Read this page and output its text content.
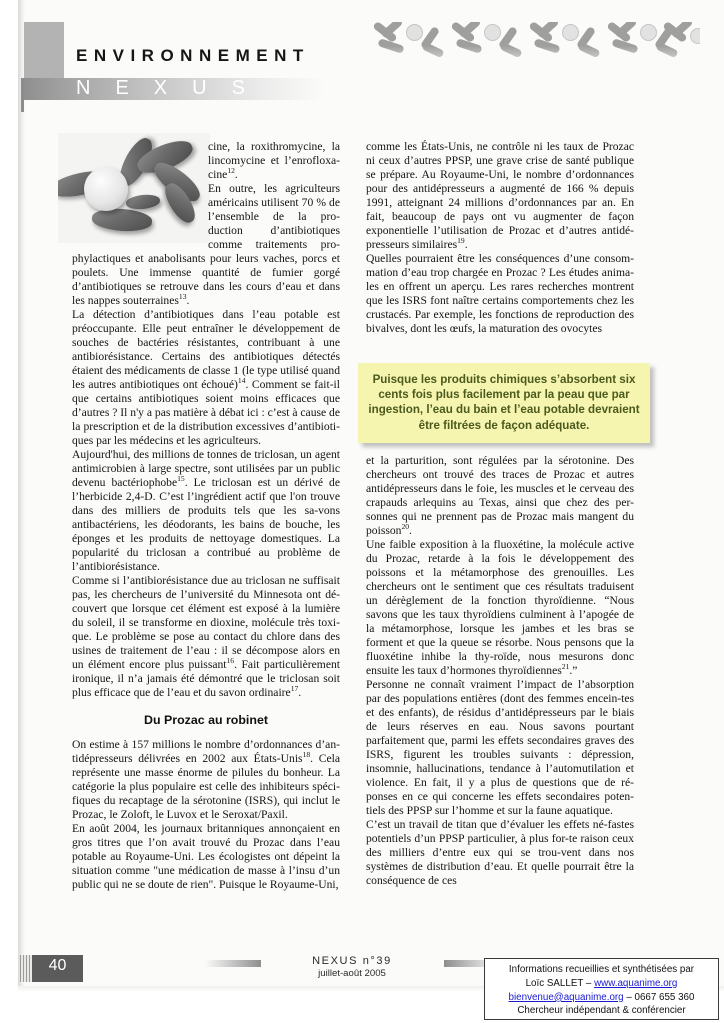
ENVIRONNEMENT
NEXUS

cine, la roxithromycine, la lincomycine et l’enrofloxa-cine$^{12}$.

En outre, les agriculteurs américains utilisent 70 % de l’ensemble de la pro-duction d’antibiotiques comme traitements pro-phylactiques et anabolisants pour leurs vaches, porcs et poulets. Une immense quantité de fumier gorgé d’antibiotiques se retrouve dans les cours d’eau et dans les nappes souterraines$^{13}$.

La détection d’antibiotiques dans l’eau potable est préoccupante. Elle peut entraîner le développement de souches de bactéries résistantes, contribuant à une antibiorésistance. Certains des antibiotiques détectés étaient des médicaments de classe 1 (le type utilisé quand les autres antibiotiques ont échoué)$^{14}$. Comment se fait-il que certains antibiotiques soient moins efficaces que d’autres ? Il n'y a pas matière à débat ici : c’est à cause de la prescription et de la distribution excessives d’antibioti-ques par les médecins et les agriculteurs.

Aujourd'hui, des millions de tonnes de triclosan, un agent antimicrobien à large spectre, sont utilisées par un public devenu bactériophobe$^{15}$. Le triclosan est un dérivé de l’herbicide 2,4-D. C’est l’ingrédient actif que l'on trouve dans des milliers de produits tels que les sa-vons antibactériens, les déodorants, les bains de bouche, les éponges et les produits de nettoyage domestiques. La popularité du triclosan a contribué au problème de l’antibiorésistance.

Comme si l’antibiorésistance due au triclosan ne suffisait pas, les chercheurs de l’université du Minnesota ont dé-couvert que lorsque cet élément est exposé à la lumière du soleil, il se transforme en dioxine, molécule très toxi-que. Le problème se pose au contact du chlore dans des usines de traitement de l’eau : il se décompose alors en un élément encore plus puissant$^{16}$. Fait particulièrement ironique, il n’a jamais été démontré que le triclosan soit plus efficace que de l’eau et du savon ordinaire$^{17}$.

Du Prozac au robinet

On estime à 157 millions le nombre d’ordonnances d’an-tidépresseurs délivrées en 2002 aux États-Unis$^{18}$. Cela représente une masse énorme de pilules du bonheur. La catégorie la plus populaire est celle des inhibiteurs spéci-fiques du recaptage de la sérotonine (ISRS), qui inclut le Prozac, le Zoloft, le Luvox et le Seroxat/Paxil.

En août 2004, les journaux britanniques annonçaient en gros titres que l’on avait trouvé du Prozac dans l’eau potable au Royaume-Uni. Les écologistes ont dépeint la situation comme "une médication de masse à l’insu d’un public qui ne se doute de rien". Puisque le Royaume-Uni,

comme les États-Unis, ne contrôle ni les taux de Prozac ni ceux d’autres PPSP, une grave crise de santé publique se prépare. Au Royaume-Uni, le nombre d’ordonnances pour des antidépresseurs a augmenté de 166 % depuis 1991, atteignant 24 millions d’ordonnances par an. En fait, beaucoup de pays ont vu augmenter de façon exponentielle l’utilisation de Prozac et d’autres antidé-presseurs similaires$^{19}$.

Quelles pourraient être les conséquences d’une consom-mation d’eau trop chargée en Prozac ? Les études anima-les en offrent un aperçu. Les rares recherches montrent que les ISRS font naître certains comportements chez les crustacés. Par exemple, les fonctions de reproduction des bivalves, dont les œufs, la maturation des ovocytes

et la parturition, sont régulées par la sérotonine. Des chercheurs ont trouvé des traces de Prozac et autres antidépresseurs dans le foie, les muscles et le cerveau des crapauds arlequins au Texas, ainsi que chez des per-sonnes qui ne prennent pas de Prozac mais mangent du poisson$^{20}$.

Une faible exposition à la fluoxétine, la molécule active du Prozac, retarde à la fois le développement des poissons et la métamorphose des grenouilles. Les chercheurs ont le sentiment que ces résultats traduisent un dérèglement de la fonction thyroïdienne. “Nous savons que les taux thyroïdiens culminent à l’apogée de la métamorphose, lorsque les jambes et les bras se forment et que la queue se résorbe. Nous pensons que la fluoxétine inhibe la thy-roïde, nous mesurons donc ensuite les taux d’hormones thyroïdiennes$^{21}$.”

Personne ne connaît vraiment l’impact de l’absorption par des populations entières (dont des femmes encein-tes et des enfants), de résidus d’antidépresseurs par le biais de leurs réserves en eau. Nous savons pourtant parfaitement que, parmi les effets secondaires graves des ISRS, figurent les troubles suivants : dépression, insomnie, hallucinations, tendance à l’automutilation et violence. En fait, il y a plus de questions que de ré-ponses en ce qui concerne les effets secondaires poten-tiels des PPSP sur l’homme et sur la faune aquatique.

C’est un travail de titan que d’évaluer les effets né-fastes potentiels d’un PPSP particulier, à plus for-te raison ceux des milliers d’entre eux qui se trou-vent dans nos systèmes de distribution d’eau. Et quelle pourrait être la conséquence de ces

Puisque les produits chimiques s’absorbent six cents fois plus facilement par la peau que par ingestion, l’eau du bain et l’eau potable devraient être filtrées de façon adéquate.
40	NEXUS n°39
juillet-août 2005	Informations recueillies et synthétisées par
Loïc SALLET – www.aquanime.org
bienvenue@aquanime.org – 0667 655 360
Chercheur indépendant & conférencier
